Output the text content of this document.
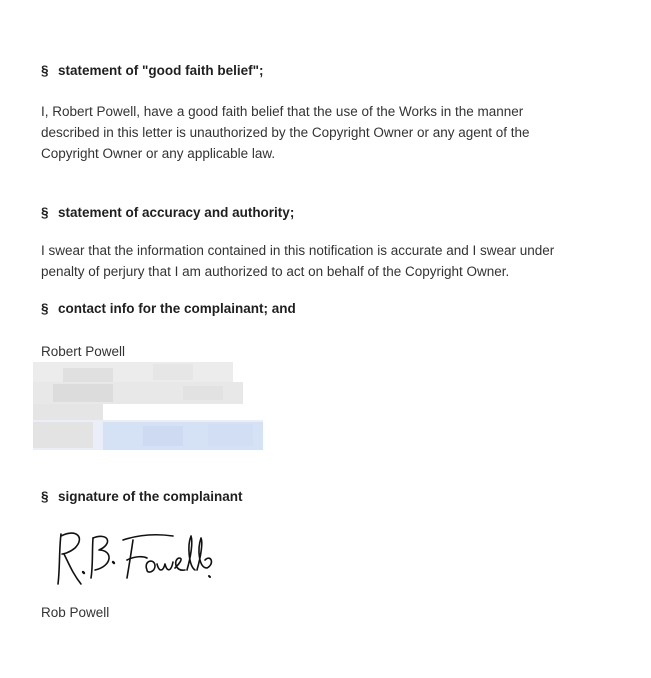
§ statement of "good faith belief";
I, Robert Powell, have a good faith belief that the use of the Works in the manner
described in this letter is unauthorized by the Copyright Owner or any agent of the
Copyright Owner or any applicable law.
§ statement of accuracy and authority;
I swear that the information contained in this notification is accurate and I swear under
penalty of perjury that I am authorized to act on behalf of the Copyright Owner.
§ contact info for the complainant; and
Robert Powell
§ signature of the complainant
Rob Powell
